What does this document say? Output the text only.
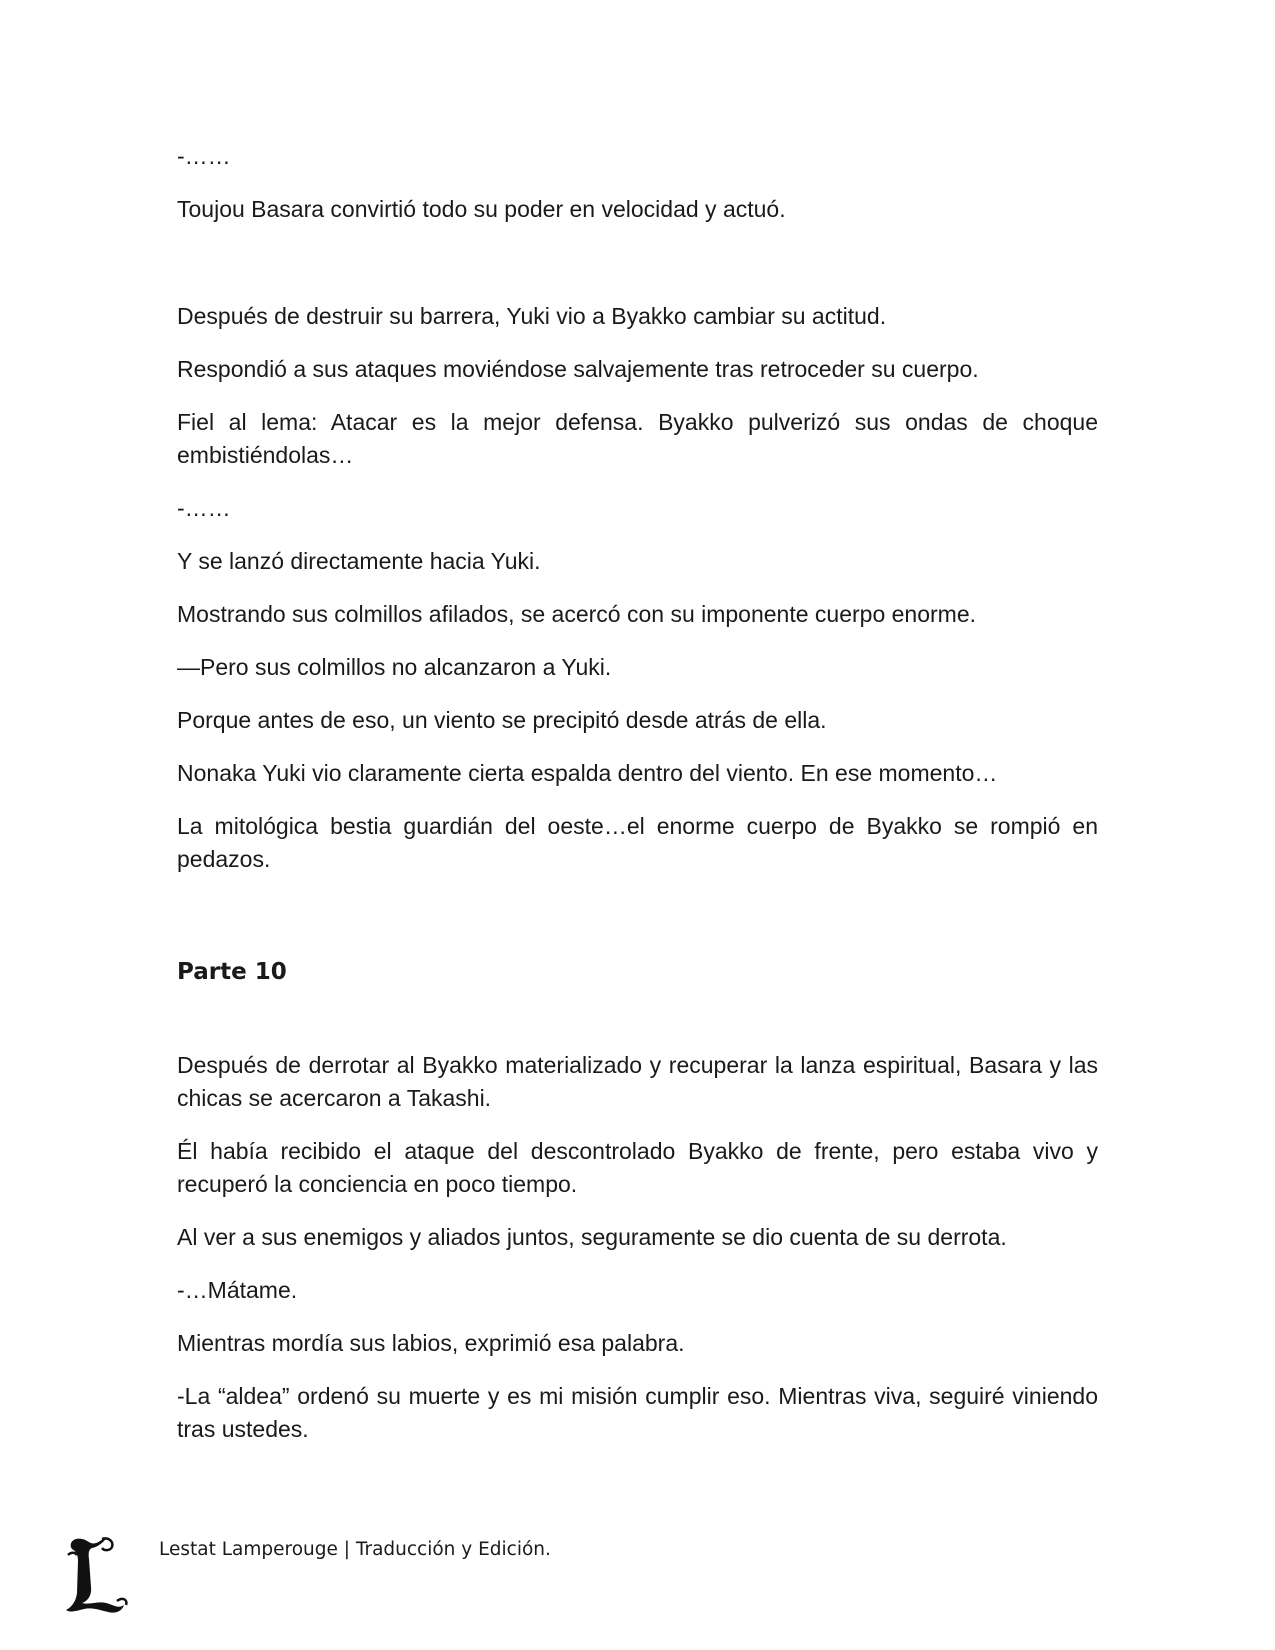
-……

Toujou Basara convirtió todo su poder en velocidad y actuó.

Después de destruir su barrera, Yuki vio a Byakko cambiar su actitud.

Respondió a sus ataques moviéndose salvajemente tras retroceder su cuerpo.

Fiel al lema: Atacar es la mejor defensa. Byakko pulverizó sus ondas de choque embistiéndolas…

-……

Y se lanzó directamente hacia Yuki.

Mostrando sus colmillos afilados, se acercó con su imponente cuerpo enorme.

—Pero sus colmillos no alcanzaron a Yuki.

Porque antes de eso, un viento se precipitó desde atrás de ella.

Nonaka Yuki vio claramente cierta espalda dentro del viento. En ese momento…

La mitológica bestia guardián del oeste…el enorme cuerpo de Byakko se rompió en pedazos.

Parte 10

Después de derrotar al Byakko materializado y recuperar la lanza espiritual, Basara y las chicas se acercaron a Takashi.

Él había recibido el ataque del descontrolado Byakko de frente, pero estaba vivo y recuperó la conciencia en poco tiempo.

Al ver a sus enemigos y aliados juntos, seguramente se dio cuenta de su derrota.

-…Mátame.

Mientras mordía sus labios, exprimió esa palabra.

-La “aldea” ordenó su muerte y es mi misión cumplir eso. Mientras viva, seguiré viniendo tras ustedes.

Lestat Lamperouge | Traducción y Edición.
